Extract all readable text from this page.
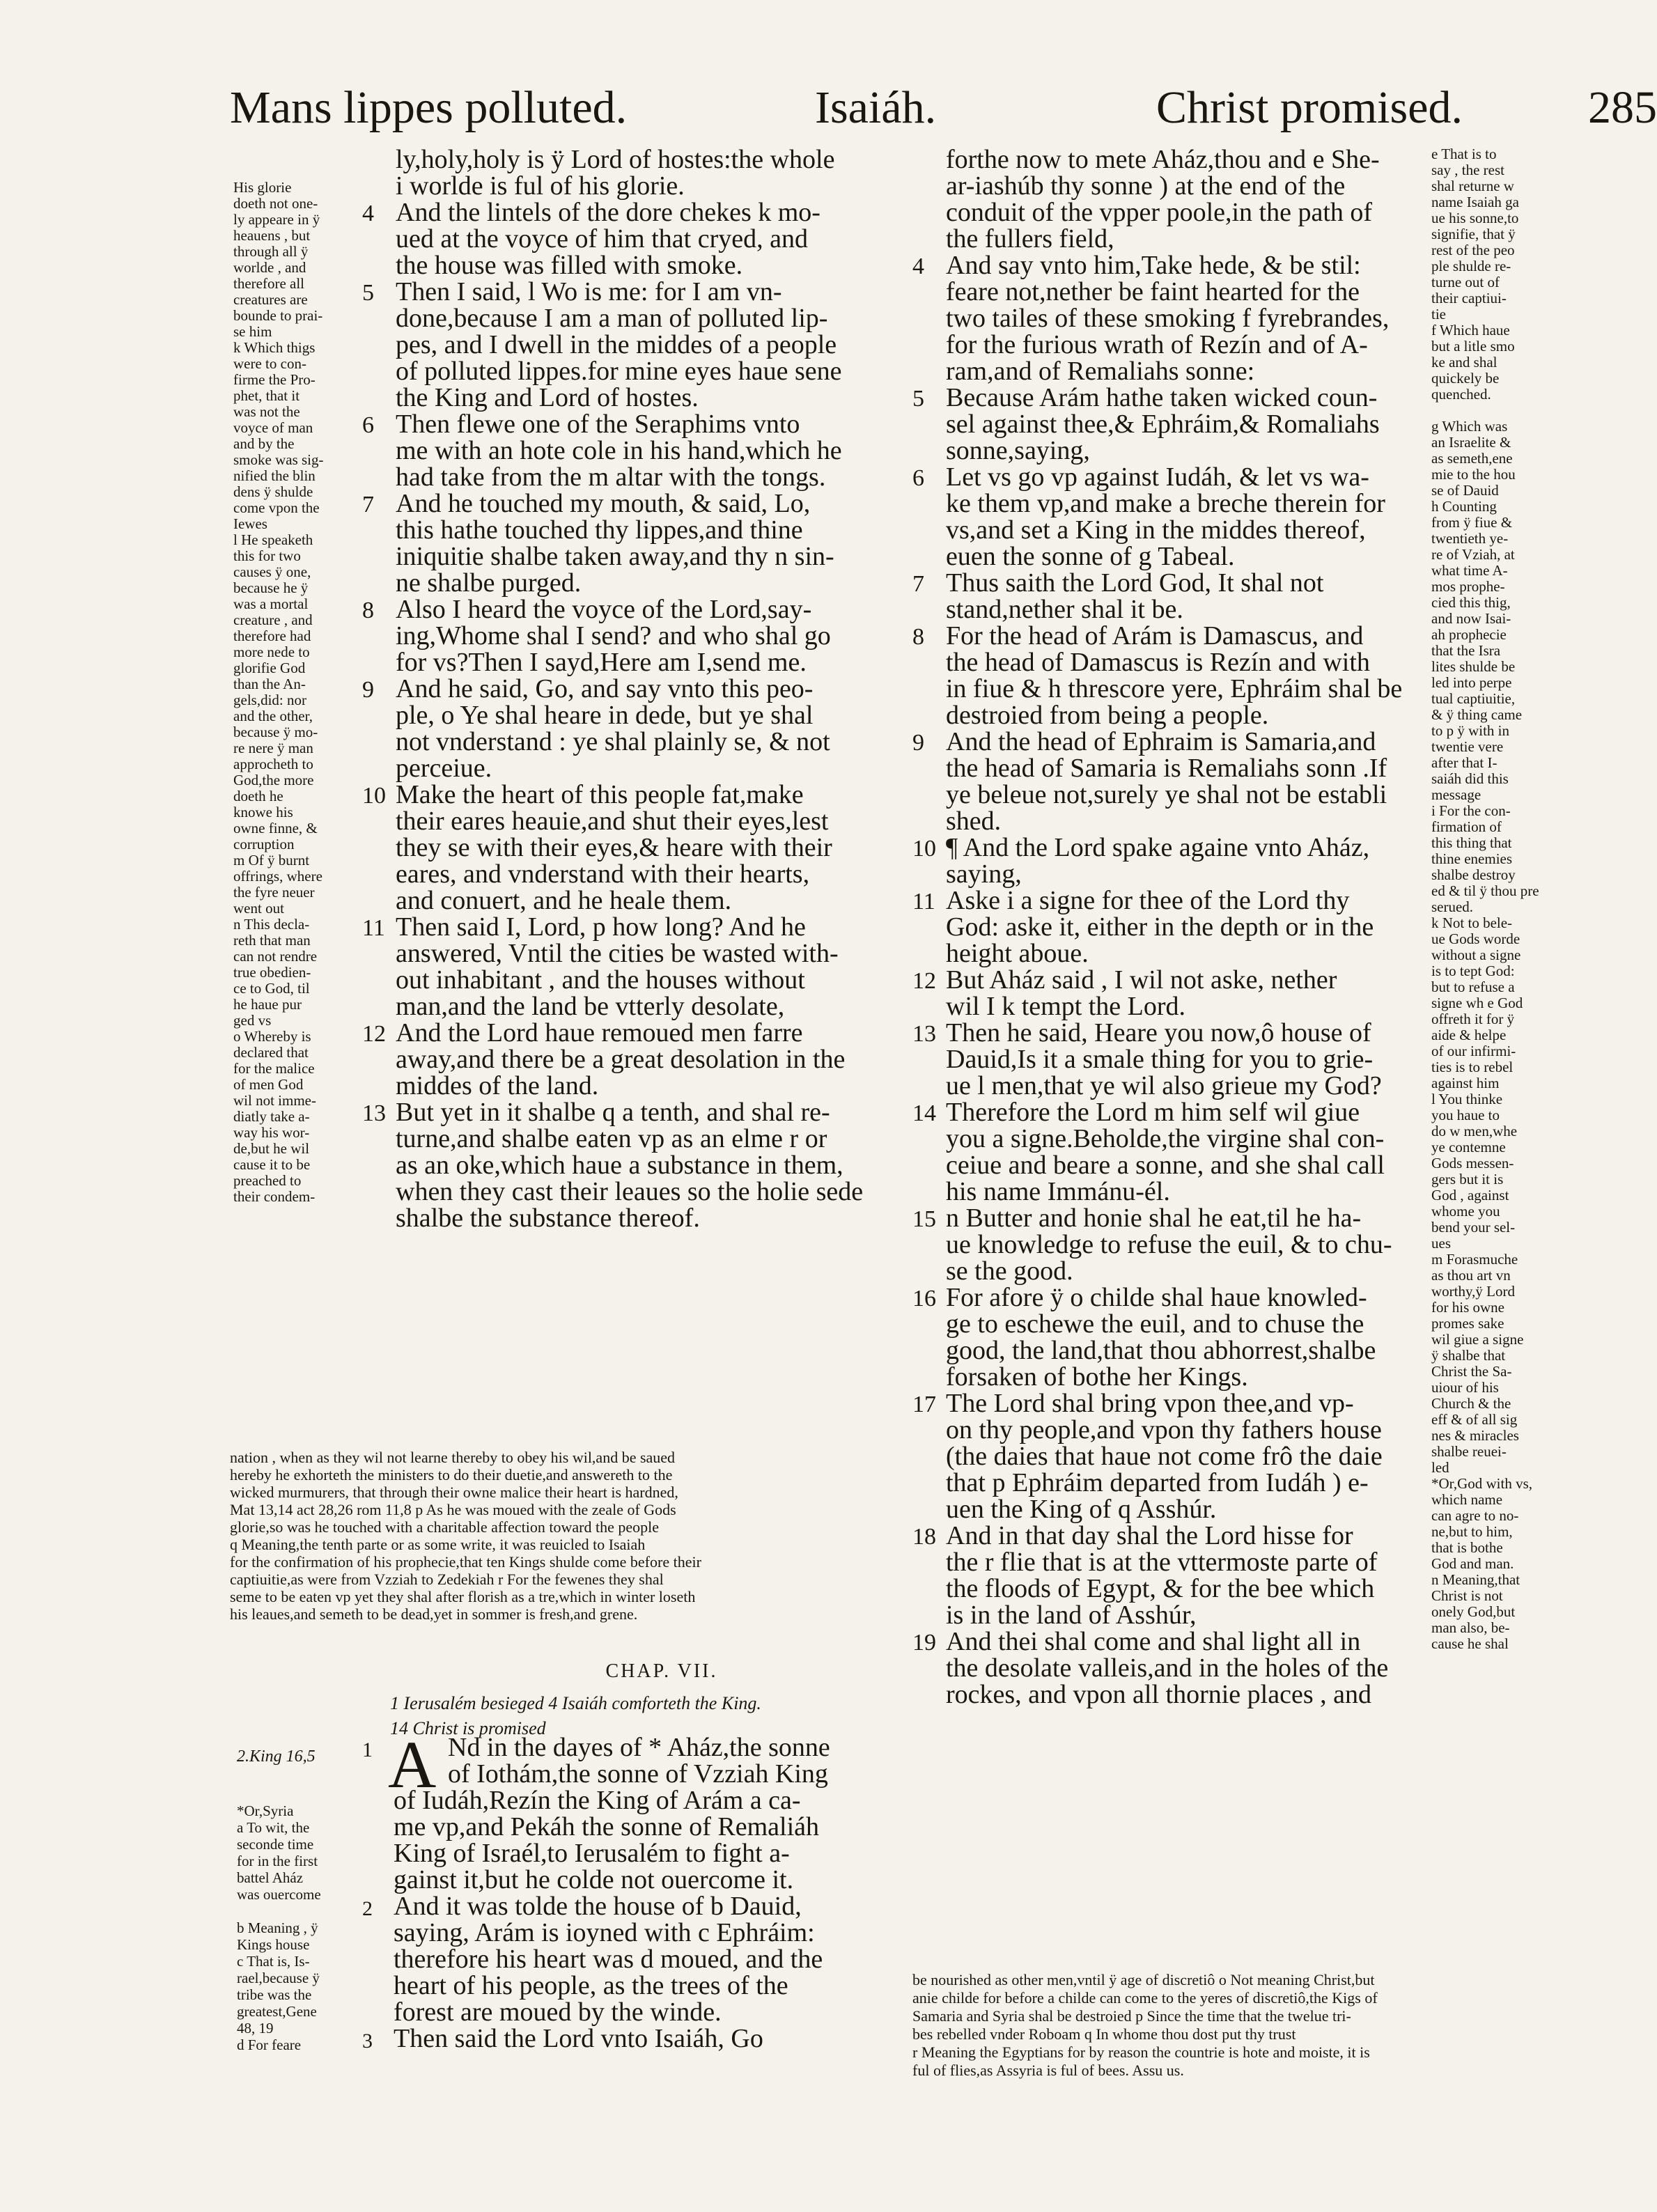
Mans lippes polluted.	Isaiáh.	Christ promised.	285
His glorie
doeth not one-
ly appeare in ÿ
heauens , but
through all ÿ
worlde , and
therefore all
creatures are
bounde to prai-
se him
k Which thigs
were to con-
firme the Pro-
phet, that it
was not the
voyce of man
and by the
smoke was sig-
nified the blin
dens ÿ shulde
come vpon the
Iewes
l He speaketh
this for two
causes ÿ one,
because he ÿ
was a mortal
creature , and
therefore had
more nede to
glorifie God
than the An-
gels,did: nor
and the other,
because ÿ mo-
re nere ÿ man
approcheth to
God,the more
doeth he
knowe his
owne finne, &
corruption
m Of ÿ burnt
offrings, where
the fyre neuer
went out
n This decla-
reth that man
can not rendre
true obedien-
ce to God, til
he haue pur
ged vs
o Whereby is
declared that
for the malice
of men God
wil not imme-
diatly take a-
way his wor-
de,but he wil
cause it to be
preached to
their condem-
ly,holy,holy is ÿ Lord of hostes:the whole
i worlde is ful of his glorie.
4 And the lintels of the dore chekes k mo-
ued at the voyce of him that cryed, and
the house was filled with smoke.
5 Then I said, l Wo is me: for I am vn-
done,because I am a man of polluted lip-
pes, and I dwell in the middes of a people
of polluted lippes.for mine eyes haue sene
the King and Lord of hostes.
6 Then flewe one of the Seraphims vnto
me with an hote cole in his hand,which he
had take from the m altar with the tongs.
7 And he touched my mouth, & said, Lo,
this hathe touched thy lippes,and thine
iniquitie shalbe taken away,and thy n sin-
ne shalbe purged.
8 Also I heard the voyce of the Lord,say-
ing,Whome shal I send? and who shal go
for vs?Then I sayd,Here am I,send me.
9 And he said, Go, and say vnto this peo-
ple, o Ye shal heare in dede, but ye shal
not vnderstand : ye shal plainly se, & not
perceiue.
10 Make the heart of this people fat,make
their eares heauie,and shut their eyes,lest
they se with their eyes,& heare with their
eares, and vnderstand with their hearts,
and conuert, and he heale them.
11 Then said I, Lord, p how long? And he
answered, Vntil the cities be wasted with-
out inhabitant , and the houses without
man,and the land be vtterly desolate,
12 And the Lord haue remoued men farre
away,and there be a great desolation in the
middes of the land.
13 But yet in it shalbe q a tenth, and shal re-
turne,and shalbe eaten vp as an elme r or
as an oke,which haue a substance in them,
when they cast their leaues so the holie sede
shalbe the substance thereof.
nation , when as they wil not learne thereby to obey his wil,and be saued
hereby he exhorteth the ministers to do their duetie,and answereth to the
wicked murmurers, that through their owne malice their heart is hardned,
Mat 13,14 act 28,26 rom 11,8 p As he was moued with the zeale of Gods
glorie,so was he touched with a charitable affection toward the people
q Meaning,the tenth parte or as some write, it was reuicled to Isaiah
for the confirmation of his prophecie,that ten Kings shulde come before their
captiuitie,as were from Vzziah to Zedekiah r For the fewenes they shal
seme to be eaten vp yet they shal after florish as a tre,which in winter loseth
his leaues,and semeth to be dead,yet in sommer is fresh,and grene.
CHAP. VII.
1 Ierusalém besieged 4 Isaiáh comforteth the King.
14 Christ is promised
2.King 16,5
*Or,Syria
a To wit, the
seconde time
for in the first
battel Aház
was ouercome
b Meaning , ÿ
Kings house
c That is, Is-
rael,because ÿ
tribe was the
greatest,Gene
48, 19
d For feare
A
1
2
3
Nd in the dayes of * Aház,the sonne
of Iothám,the sonne of Vzziah King
of Iudáh,Rezín the King of Arám a ca-
me vp,and Pekáh the sonne of Remaliáh
King of Israél,to Ierusalém to fight a-
gainst it,but he colde not ouercome it.
And it was tolde the house of b Dauid,
saying, Arám is ioyned with c Ephráim:
therefore his heart was d moued, and the
heart of his people, as the trees of the
forest are moued by the winde.
Then said the Lord vnto Isaiáh, Go
forthe now to mete Aház,thou and e She-
ar-iashúb thy sonne ) at the end of the
conduit of the vpper poole,in the path of
the fullers field,
4 And say vnto him,Take hede, & be stil:
feare not,nether be faint hearted for the
two tailes of these smoking f fyrebrandes,
for the furious wrath of Rezín and of A-
ram,and of Remaliahs sonne:
5 Because Arám hathe taken wicked coun-
sel against thee,& Ephráim,& Romaliahs
sonne,saying,
6 Let vs go vp against Iudáh, & let vs wa-
ke them vp,and make a breche therein for
vs,and set a King in the middes thereof,
euen the sonne of g Tabeal.
7 Thus saith the Lord God, It shal not
stand,nether shal it be.
8 For the head of Arám is Damascus, and
the head of Damascus is Rezín and with
in fiue & h threscore yere, Ephráim shal be
destroied from being a people.
9 And the head of Ephraim is Samaria,and
the head of Samaria is Remaliahs sonn .If
ye beleue not,surely ye shal not be establi
shed.
10 ¶ And the Lord spake againe vnto Aház,
saying,
11 Aske i a signe for thee of the Lord thy
God: aske it, either in the depth or in the
height aboue.
12 But Aház said , I wil not aske, nether
wil I k tempt the Lord.
13 Then he said, Heare you now,ô house of
Dauid,Is it a smale thing for you to grie-
ue l men,that ye wil also grieue my God?
14 Therefore the Lord m him self wil giue
you a signe.Beholde,the virgine shal con-
ceiue and beare a sonne, and she shal call
his name Immánu-él.
15 n Butter and honie shal he eat,til he ha-
ue knowledge to refuse the euil, & to chu-
se the good.
16 For afore ÿ o childe shal haue knowled-
ge to eschewe the euil, and to chuse the
good, the land,that thou abhorrest,shalbe
forsaken of bothe her Kings.
17 The Lord shal bring vpon thee,and vp-
on thy people,and vpon thy fathers house
(the daies that haue not come frô the daie
that p Ephráim departed from Iudáh ) e-
uen the King of q Asshúr.
18 And in that day shal the Lord hisse for
the r flie that is at the vttermoste parte of
the floods of Egypt, & for the bee which
is in the land of Asshúr,
19 And thei shal come and shal light all in
the desolate valleis,and in the holes of the
rockes, and vpon all thornie places , and
e That is to
say , the rest
shal returne w
name Isaiah ga
ue his sonne,to
signifie, that ÿ
rest of the peo
ple shulde re-
turne out of
their captiui-
tie
f Which haue
but a litle smo
ke and shal
quickely be
quenched.
g Which was
an Israelite &
as semeth,ene
mie to the hou
se of Dauid
h Counting
from ÿ fiue &
twentieth ye-
re of Vziah, at
what time A-
mos prophe-
cied this thig,
and now Isai-
ah prophecie
that the Isra
lites shulde be
led into perpe
tual captiuitie,
& ÿ thing came
to p ÿ with in
twentie vere
after that I-
saiáh did this
message
i For the con-
firmation of
this thing that
thine enemies
shalbe destroy
ed & til ÿ thou pre
serued.
k Not to bele-
ue Gods worde
without a signe
is to tept God:
but to refuse a
signe wh e God
offreth it for ÿ
aide & helpe
of our infirmi-
ties is to rebel
against him
l You thinke
you haue to
do w men,whe
ye contemne
Gods messen-
gers but it is
God , against
whome you
bend your sel-
ues
m Forasmuche
as thou art vn
worthy,ÿ Lord
for his owne
promes sake
wil giue a signe
ÿ shalbe that
Christ the Sa-
uiour of his
Church & the
eff & of all sig
nes & miracles
shalbe reuei-
led
*Or,God with vs,
which name
can agre to no-
ne,but to him,
that is bothe
God and man.
n Meaning,that
Christ is not
onely God,but
man also, be-
cause he shal
be nourished as other men,vntil ÿ age of discretiô o Not meaning Christ,but
anie childe for before a childe can come to the yeres of discretiô,the Kigs of
Samaria and Syria shal be destroied p Since the time that the twelue tri-
bes rebelled vnder Roboam q In whome thou dost put thy trust
r Meaning the Egyptians for by reason the countrie is hote and moiste, it is
ful of flies,as Assyria is ful of bees. Assu us.
